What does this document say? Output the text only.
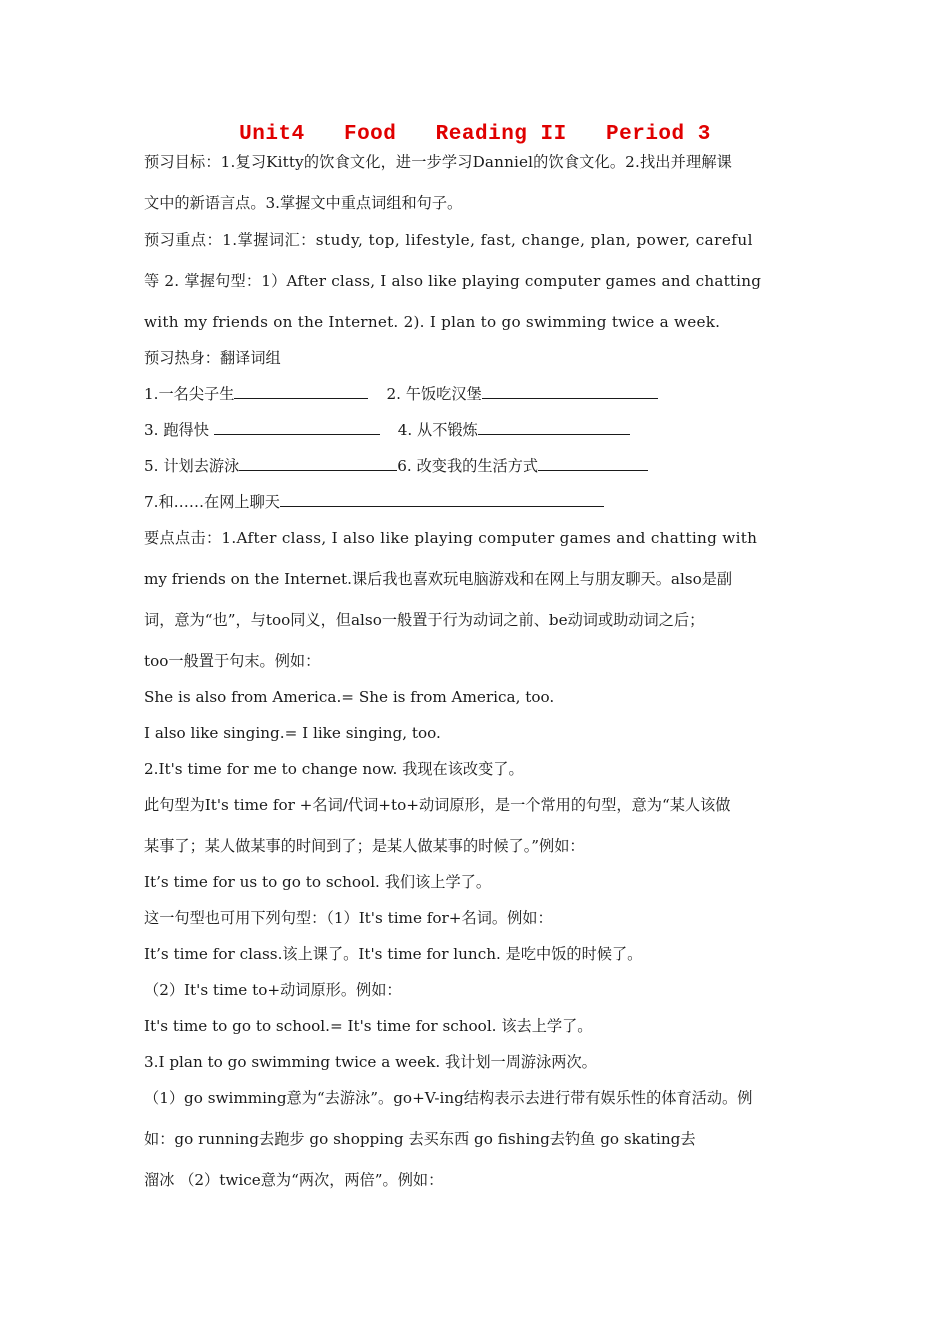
Unit4   Food   Reading II   Period 3
预习目标：1.复习Kitty的饮食文化，进一步学习Danniel的饮食文化。2.找出并理解课
文中的新语言点。3.掌握文中重点词组和句子。
预习重点：1.掌握词汇：study, top, lifestyle, fast, change, plan, power, careful
等 2. 掌握句型：1）After class, I also like playing computer games and chatting
with my friends on the Internet. 2). I plan to go swimming twice a week.
预习热身：翻译词组
1.一名尖子生	2. 午饭吃汉堡
3. 跑得快	4. 从不锻炼
5. 计划去游泳	6. 改变我的生活方式
7.和……在网上聊天
要点点击：1.After class, I also like playing computer games and chatting with
my friends on the Internet.课后我也喜欢玩电脑游戏和在网上与朋友聊天。also是副
词，意为“也”，与too同义，但also一般置于行为动词之前、be动词或助动词之后；
too一般置于句末。例如：
She is also from America.= She is from America, too.
I also like singing.= I like singing, too.
2.It's time for me to change now. 我现在该改变了。
此句型为It's time for +名词/代词+to+动词原形，是一个常用的句型，意为“某人该做
某事了；某人做某事的时间到了；是某人做某事的时候了。”例如：
It’s time for us to go to school. 我们该上学了。
这一句型也可用下列句型：（1）It's time for+名词。例如：
It’s time for class.该上课了。It's time for lunch. 是吃中饭的时候了。
（2）It's time to+动词原形。例如：
It's time to go to school.= It's time for school. 该去上学了。
3.I plan to go swimming twice a week. 我计划一周游泳两次。
（1）go swimming意为“去游泳”。go+V-ing结构表示去进行带有娱乐性的体育活动。例
如：go running去跑步 go shopping 去买东西 go fishing去钓鱼 go skating去
溜冰 （2）twice意为“两次，两倍”。例如：
